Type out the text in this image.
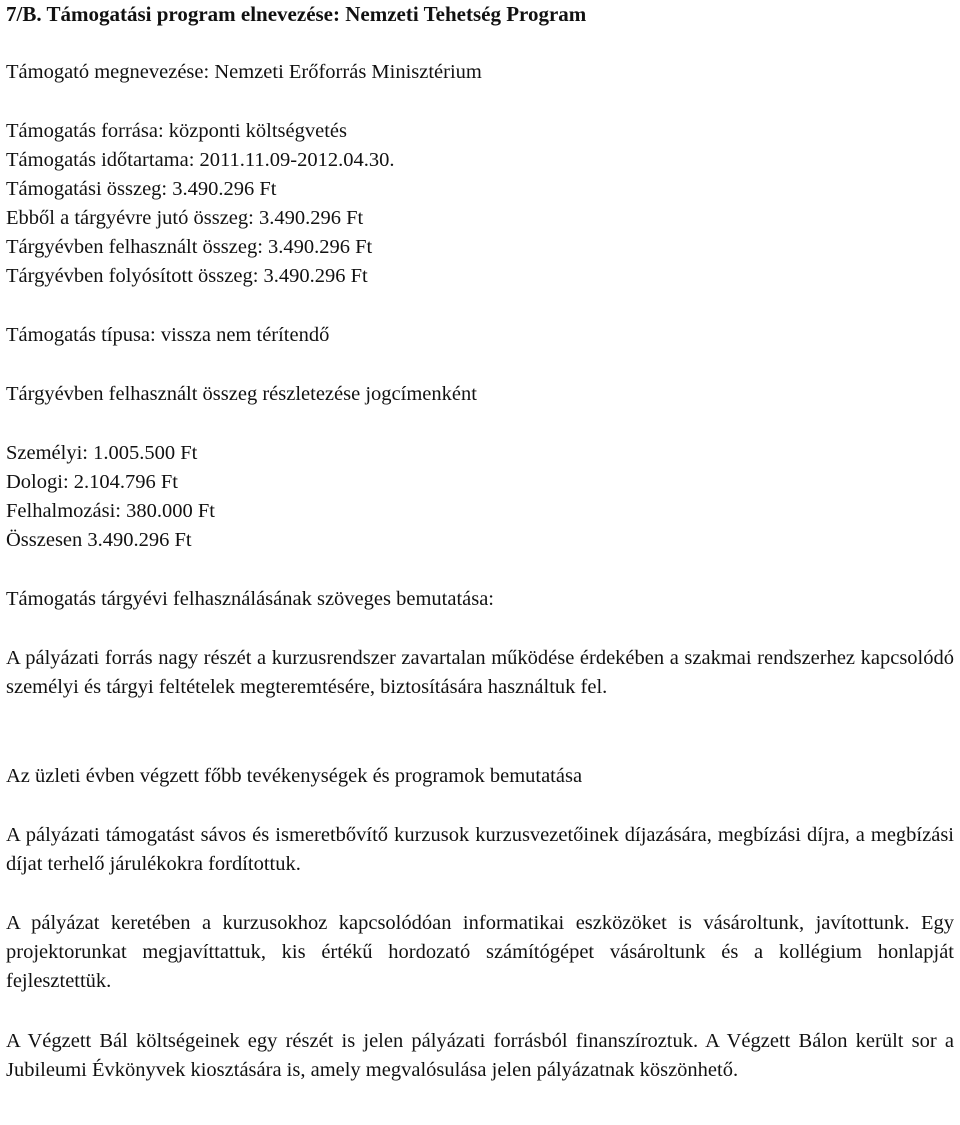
7/B. Támogatási program elnevezése: Nemzeti Tehetség Program
Támogató megnevezése: Nemzeti Erőforrás Minisztérium
Támogatás forrása: központi költségvetés
Támogatás időtartama: 2011.11.09-2012.04.30.
Támogatási összeg: 3.490.296 Ft
Ebből a tárgyévre jutó összeg: 3.490.296 Ft
Tárgyévben felhasznált összeg: 3.490.296 Ft
Tárgyévben folyósított összeg: 3.490.296 Ft
Támogatás típusa: vissza nem térítendő
Tárgyévben felhasznált összeg részletezése jogcímenként
Személyi: 1.005.500 Ft
Dologi: 2.104.796 Ft
Felhalmozási: 380.000 Ft
Összesen 3.490.296 Ft
Támogatás tárgyévi felhasználásának szöveges bemutatása:
A pályázati forrás nagy részét a kurzusrendszer zavartalan működése érdekében a szakmai rendszerhez kapcsolódó személyi és tárgyi feltételek megteremtésére, biztosítására használtuk fel.
Az üzleti évben végzett főbb tevékenységek és programok bemutatása
A pályázati támogatást sávos és ismeretbővítő kurzusok kurzusvezetőinek díjazására, megbízási díjra, a megbízási díjat terhelő járulékokra fordítottuk.
A pályázat keretében a kurzusokhoz kapcsolódóan informatikai eszközöket is vásároltunk, javítottunk. Egy projektorunkat megjavíttattuk, kis értékű hordozató számítógépet vásároltunk és a kollégium honlapját fejlesztettük.
A Végzett Bál költségeinek egy részét is jelen pályázati forrásból finanszíroztuk. A Végzett Bálon került sor a Jubileumi Évkönyvek kiosztására is, amely megvalósulása jelen pályázatnak köszönhető.
